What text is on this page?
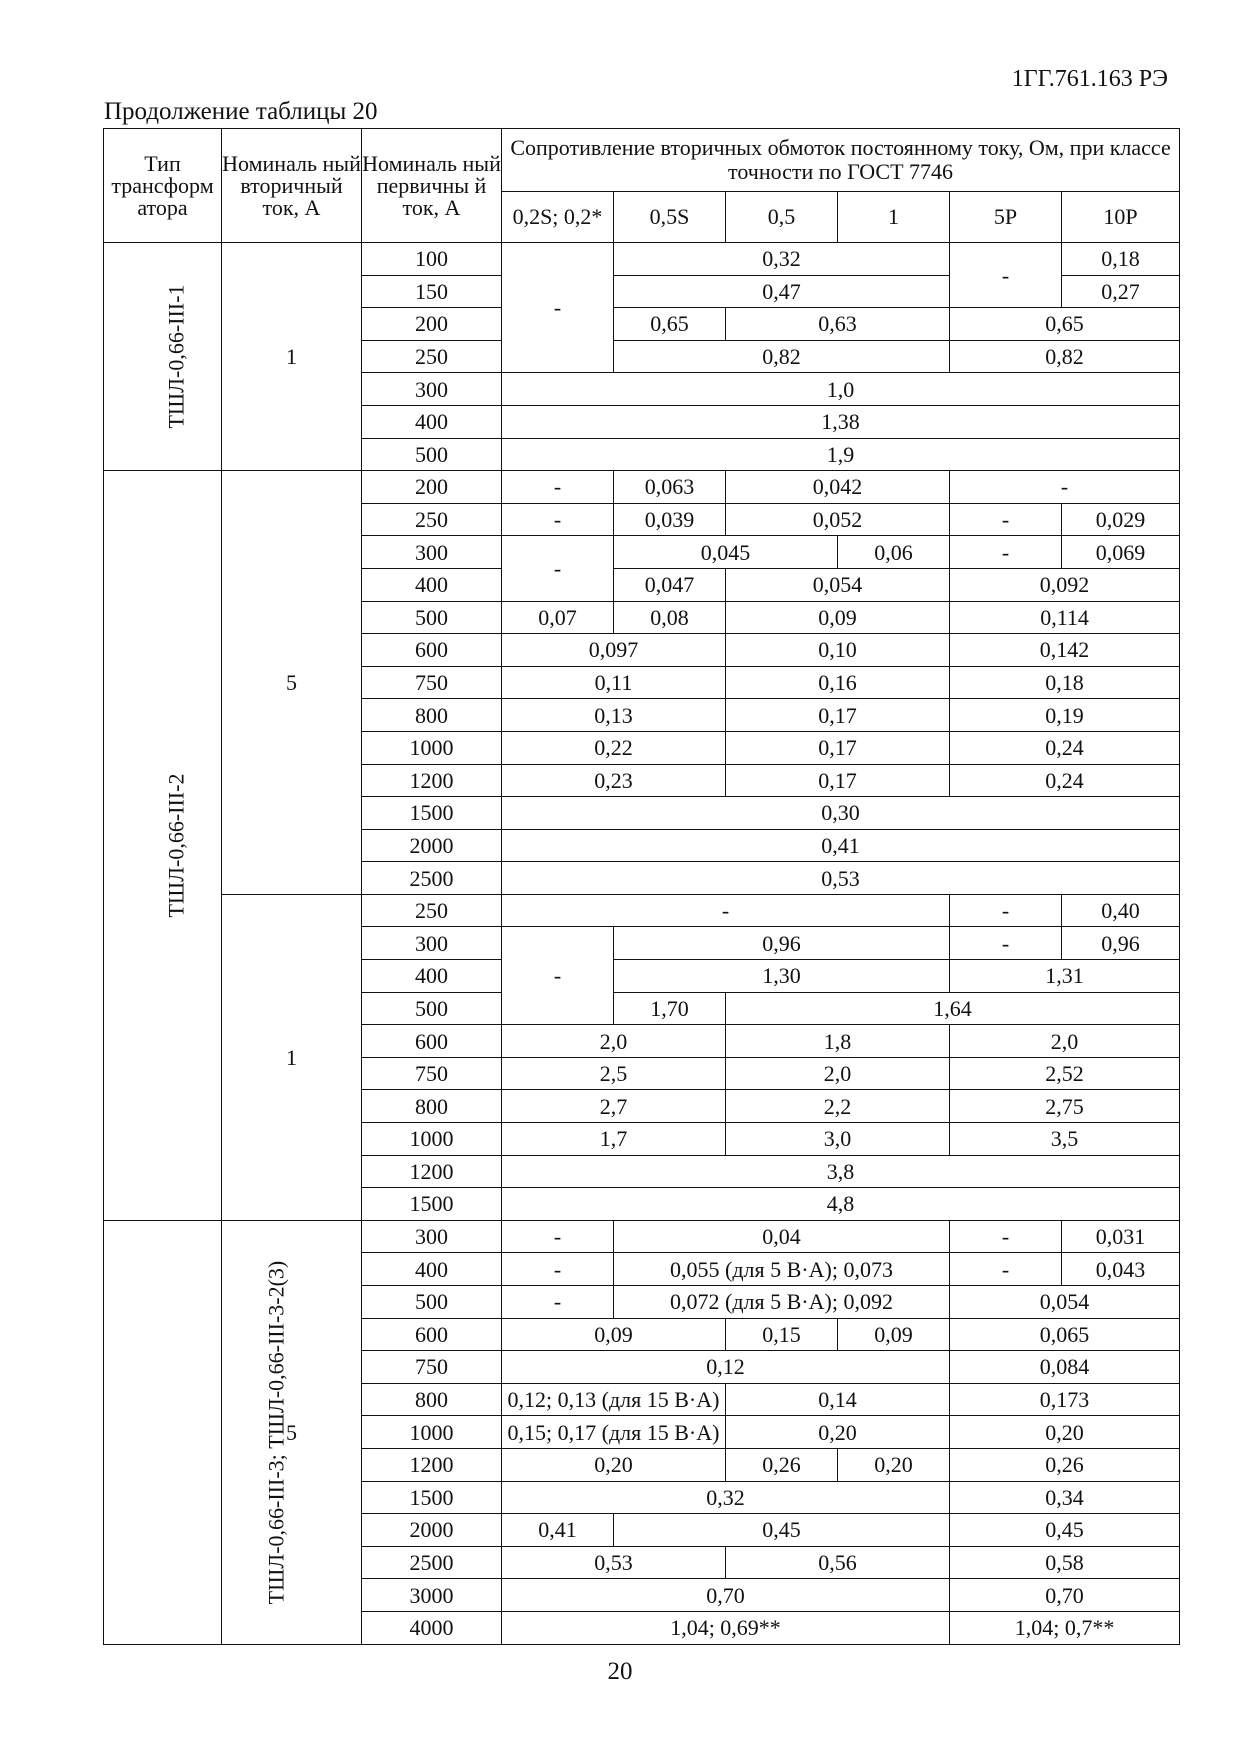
1ГГ.761.163 РЭ
Продолжение таблицы 20
Тип трансформ атора	Номиналь ный вторичный ток, А	Номиналь ный первичны й ток, А	Сопротивление вторичных обмоток постоянному току, Ом, при классе точности по ГОСТ 7746					
			0,2S; 0,2*	0,5S	0,5	1	5P	10P
ТШЛ-0,66-III-1	1	100	-	0,32			-	0,18
		150		0,47				0,27
		200		0,65	0,63		0,65	
		250		0,82			0,82	
		300	1,0					
		400	1,38					
		500	1,9					
ТШЛ-0,66-III-2	5	200	-	0,063	0,042		-	
		250	-	0,039	0,052		-	0,029
		300	-	0,045		0,06	-	0,069
		400		0,047	0,054		0,092	
		500	0,07	0,08	0,09		0,114	
		600	0,097		0,10		0,142	
		750	0,11		0,16		0,18	
		800	0,13		0,17		0,19	
		1000	0,22		0,17		0,24	
		1200	0,23		0,17		0,24	
		1500	0,30					
		2000	0,41					
		2500	0,53					
	1	250	-				-	0,40
		300	-	0,96			-	0,96
		400		1,30			1,31	
		500		1,70	1,64			
		600	2,0		1,8		2,0	
		750	2,5		2,0		2,52	
		800	2,7		2,2		2,75	
		1000	1,7		3,0		3,5	
		1200	3,8					
		1500	4,8					
ТШЛ-0,66-III-3; ТШЛ-0,66-III-3-2(3)	5	300	-	0,04			-	0,031
		400	-	0,055 (для 5 В·А); 0,073			-	0,043
		500	-	0,072 (для 5 В·А); 0,092			0,054	
		600	0,09		0,15	0,09	0,065	
		750	0,12				0,084	
		800	0,12; 0,13 (для 15 В·А)		0,14		0,173	
		1000	0,15; 0,17 (для 15 В·А)		0,20		0,20	
		1200	0,20		0,26	0,20	0,26	
		1500	0,32				0,34	
		2000	0,41	0,45			0,45	
		2500	0,53		0,56		0,58	
		3000	0,70				0,70	
		4000	1,04; 0,69**				1,04; 0,7**	
20
